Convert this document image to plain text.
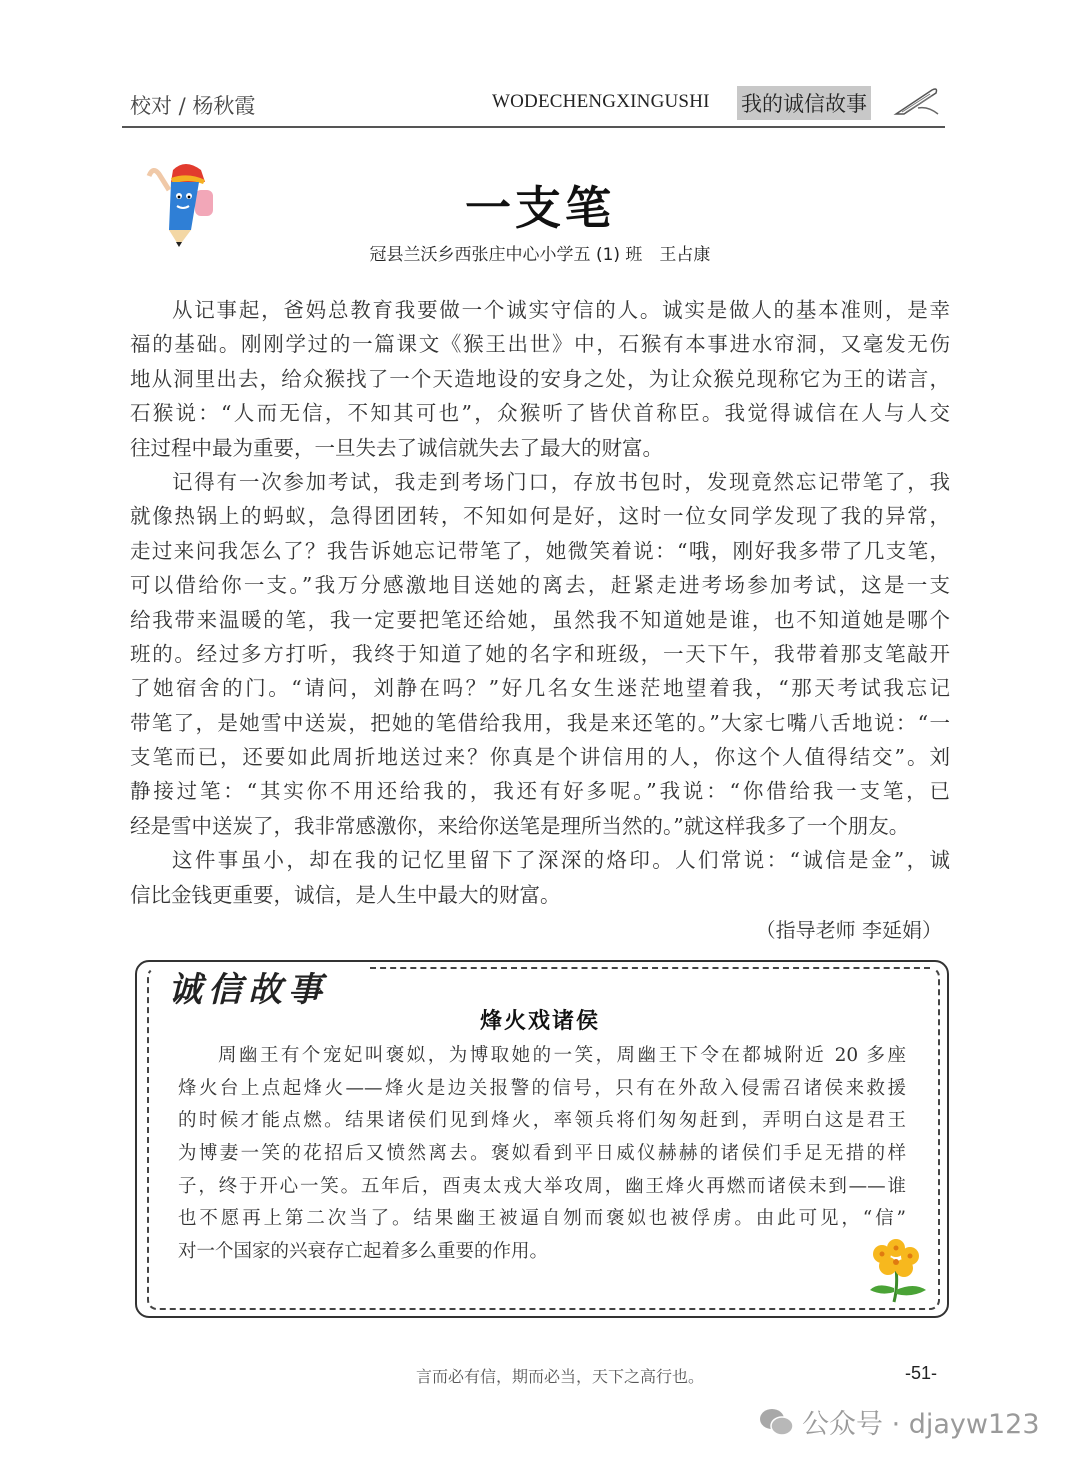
校对 / 杨秋霞	WODECHENGXINGUSHI 我的诚信故事
一支笔
冠县兰沃乡西张庄中心小学五 (1) 班　王占康
从记事起，爸妈总教育我要做一个诚实守信的人。诚实是做人的基本准则，是幸
福的基础。刚刚学过的一篇课文《猴王出世》中，石猴有本事进水帘洞，又毫发无伤
地从洞里出去，给众猴找了一个天造地设的安身之处，为让众猴兑现称它为王的诺言，
石猴说：“人而无信，不知其可也”，众猴听了皆伏首称臣。我觉得诚信在人与人交
往过程中最为重要，一旦失去了诚信就失去了最大的财富。
记得有一次参加考试，我走到考场门口，存放书包时，发现竟然忘记带笔了，我
就像热锅上的蚂蚁，急得团团转，不知如何是好，这时一位女同学发现了我的异常，
走过来问我怎么了？我告诉她忘记带笔了，她微笑着说：“哦，刚好我多带了几支笔，
可以借给你一支。”我万分感激地目送她的离去，赶紧走进考场参加考试，这是一支
给我带来温暖的笔，我一定要把笔还给她，虽然我不知道她是谁，也不知道她是哪个
班的。经过多方打听，我终于知道了她的名字和班级，一天下午，我带着那支笔敲开
了她宿舍的门。“请问，刘静在吗？”好几名女生迷茫地望着我，“那天考试我忘记
带笔了，是她雪中送炭，把她的笔借给我用，我是来还笔的。”大家七嘴八舌地说：“一
支笔而已，还要如此周折地送过来？你真是个讲信用的人，你这个人值得结交”。刘
静接过笔：“其实你不用还给我的，我还有好多呢。”我说：“你借给我一支笔，已
经是雪中送炭了，我非常感激你，来给你送笔是理所当然的。”就这样我多了一个朋友。
这件事虽小，却在我的记忆里留下了深深的烙印。人们常说：“诚信是金”，诚
信比金钱更重要，诚信，是人生中最大的财富。
（指导老师 李延娟）
诚信故事
烽火戏诸侯
周幽王有个宠妃叫褒姒，为博取她的一笑，周幽王下令在都城附近 20 多座
烽火台上点起烽火——烽火是边关报警的信号，只有在外敌入侵需召诸侯来救援
的时候才能点燃。结果诸侯们见到烽火，率领兵将们匆匆赶到，弄明白这是君王
为博妻一笑的花招后又愤然离去。褒姒看到平日威仪赫赫的诸侯们手足无措的样
子，终于开心一笑。五年后，酉夷太戎大举攻周，幽王烽火再燃而诸侯未到——谁
也不愿再上第二次当了。结果幽王被逼自刎而褒姒也被俘虏。由此可见，“信”
对一个国家的兴衰存亡起着多么重要的作用。
言而必有信，期而必当，天下之高行也。	-51-
公众号 · djayw123
